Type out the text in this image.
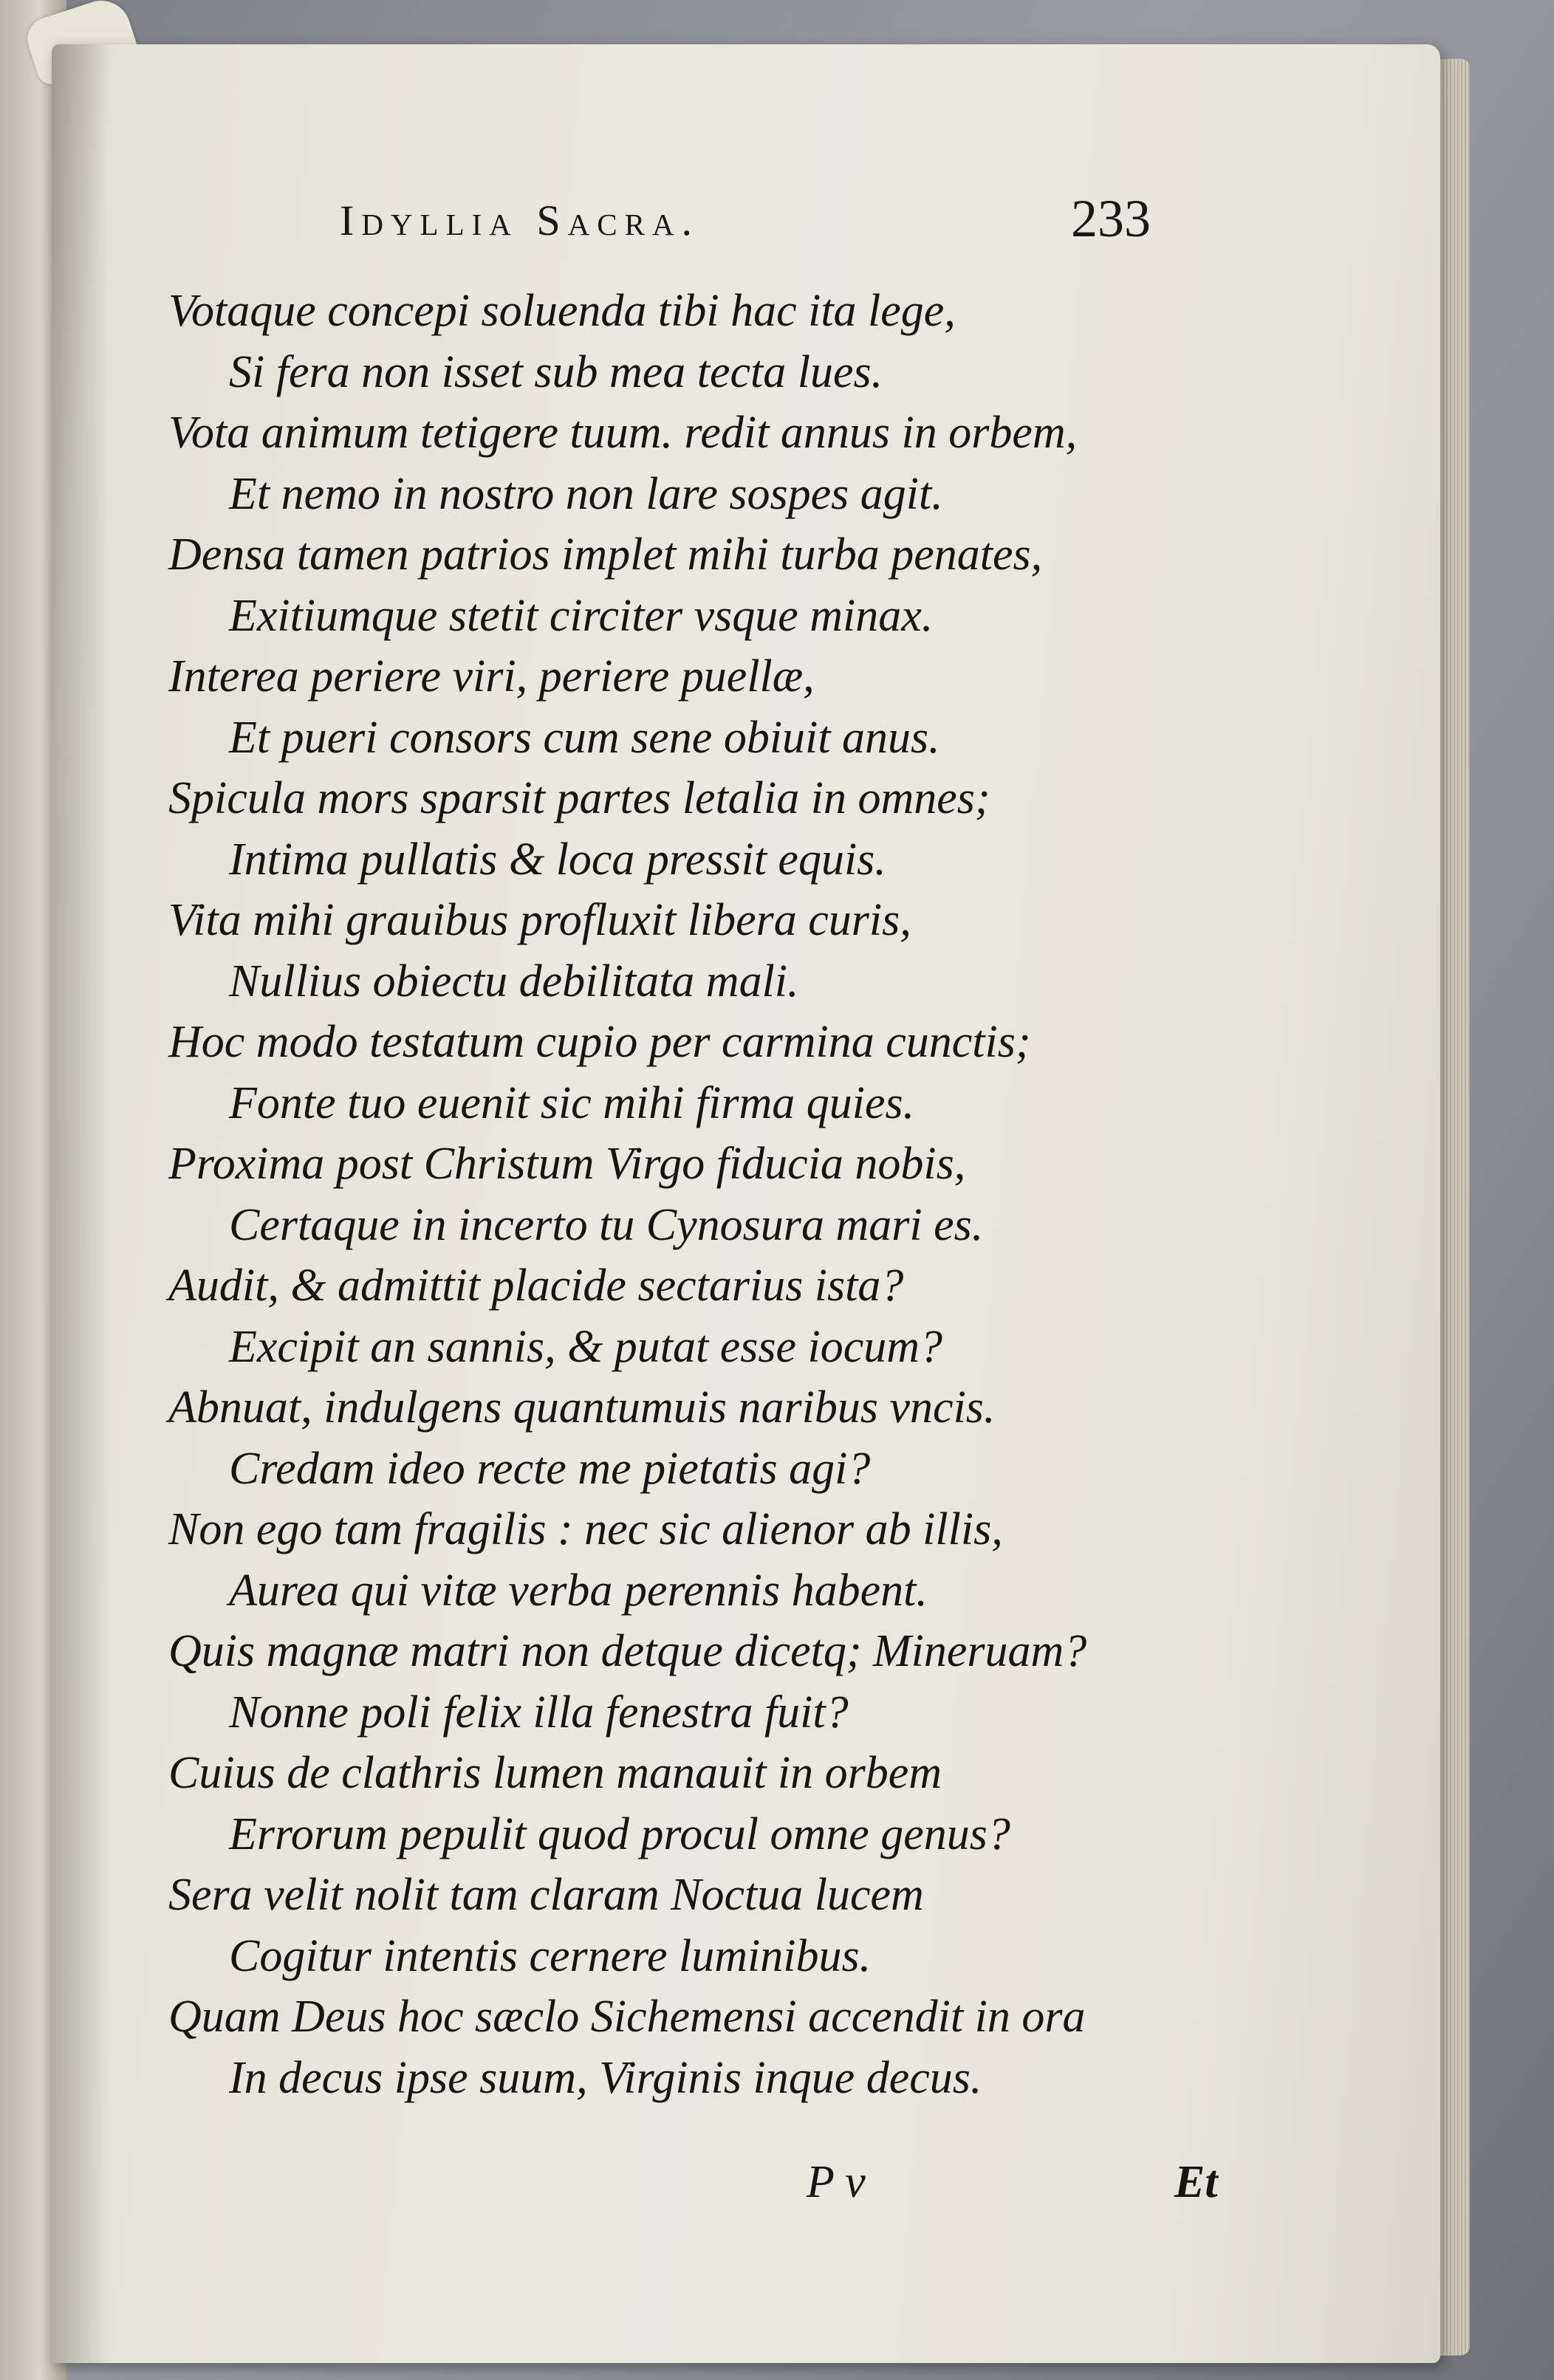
Idyllia Sacra.	233
Votaque concepi soluenda tibi hac ita lege,
Si fera non isset sub mea tecta lues.
Vota animum tetigere tuum. redit annus in orbem,
Et nemo in nostro non lare sospes agit.
Densa tamen patrios implet mihi turba penates,
Exitiumque stetit circiter vsque minax.
Interea periere viri, periere puellæ,
Et pueri consors cum sene obiuit anus.
Spicula mors sparsit partes letalia in omnes;
Intima pullatis & loca pressit equis.
Vita mihi grauibus profluxit libera curis,
Nullius obiectu debilitata mali.
Hoc modo testatum cupio per carmina cunctis;
Fonte tuo euenit sic mihi firma quies.
Proxima post Christum Virgo fiducia nobis,
Certaque in incerto tu Cynosura mari es.
Audit, & admittit placide sectarius ista?
Excipit an sannis, & putat esse iocum?
Abnuat, indulgens quantumuis naribus vncis.
Credam ideo recte me pietatis agi?
Non ego tam fragilis : nec sic alienor ab illis,
Aurea qui vitæ verba perennis habent.
Quis magnæ matri non detque dicetq; Mineruam?
Nonne poli felix illa fenestra fuit?
Cuius de clathris lumen manauit in orbem
Errorum pepulit quod procul omne genus?
Sera velit nolit tam claram Noctua lucem
Cogitur intentis cernere luminibus.
Quam Deus hoc sæclo Sichemensi accendit in ora
In decus ipse suum, Virginis inque decus.
P v	Et
